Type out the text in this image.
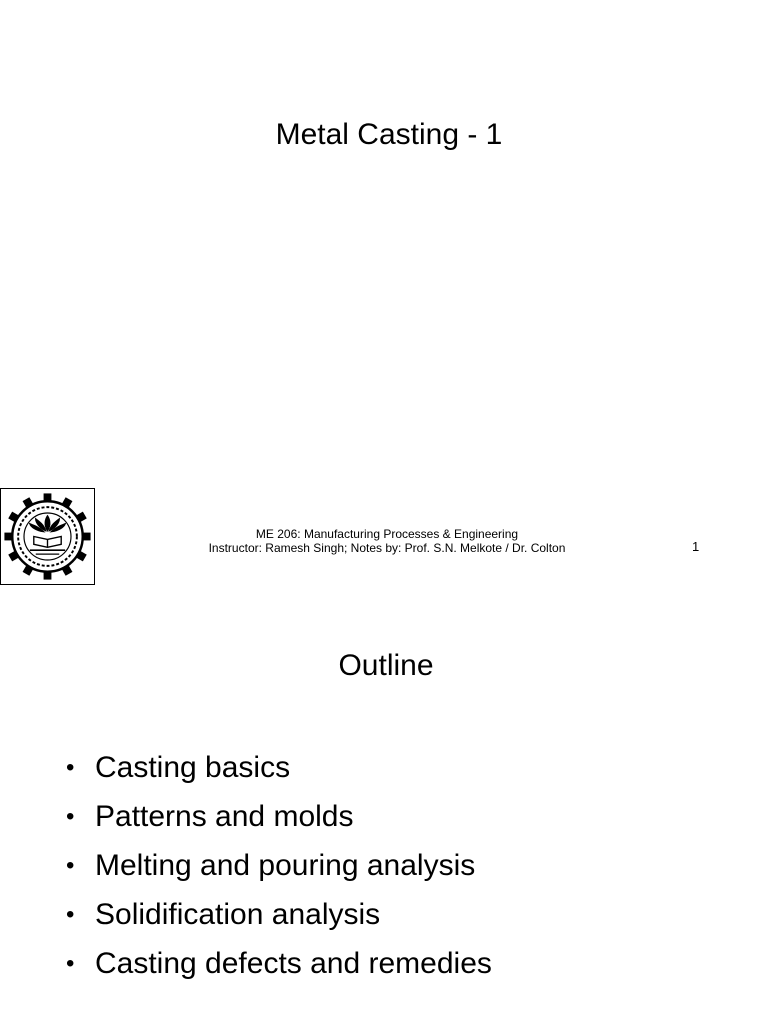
Metal Casting - 1
ME 206: Manufacturing Processes & Engineering
Instructor: Ramesh Singh; Notes by: Prof. S.N. Melkote / Dr. Colton	1
Outline
• Casting basics
• Patterns and molds
• Melting and pouring analysis
• Solidification analysis
• Casting defects and remedies
